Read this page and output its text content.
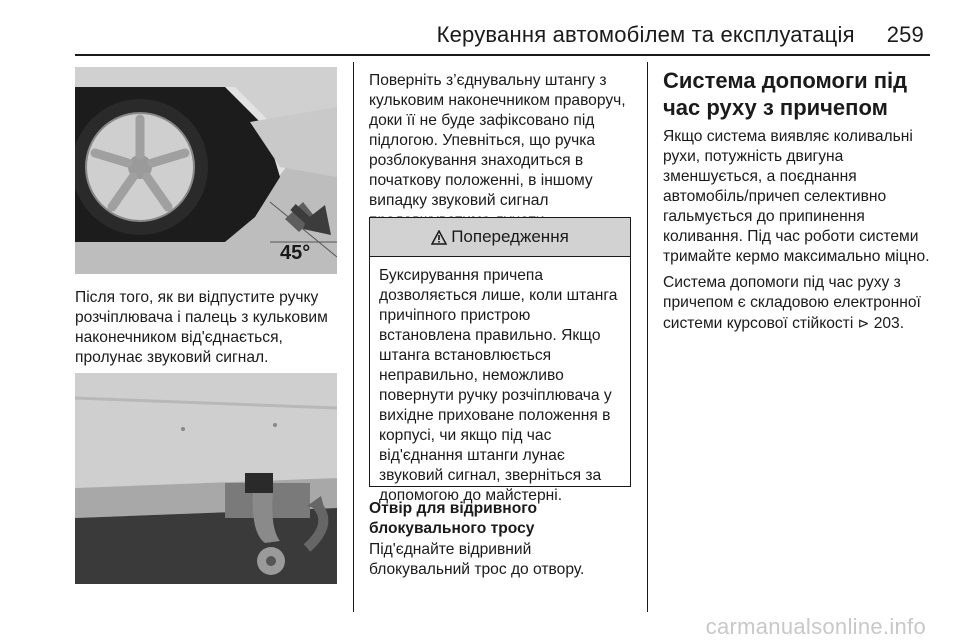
Керування автомобілем та експлуатація 259
45°

Після того, як ви відпустите ручку розчіплювача і палець з кульковим наконечником від'єднається, пролунає звуковий сигнал.

Поверніть з’єднувальну штангу з кульковим наконечником праворуч, доки її не буде зафіксовано під підлогою. Упевніться, що ручка розблокування знаходиться в початкову положенні, в іншому випадку звуковий сигнал

Попередження
Буксирування причепа дозволяється лише, коли штанга причіпного пристрою встановлена правильно. Якщо штанга встановлюється неправильно, неможливо повернути ручку розчіплювача у вихідне приховане положення в корпусі, чи якщо під час від'єднання штанги лунає звуковий сигнал, зверніться за допомогою до майстерні.
Отвір для відривного блокувального тросу
Під'єднайте відривний блокувальний трос до отвору.

Система допомоги під час руху з причепом

Якщо система виявляє коливальні рухи, потужність двигуна зменшується, а поєднання автомобіль/причеп селективно гальмується до припинення коливання. Під час роботи системи тримайте кермо максимально міцно.

Система допомоги під час руху з причепом є складовою електронної системи курсової стійкості ⊳ 203.

carmanualsonline.info
